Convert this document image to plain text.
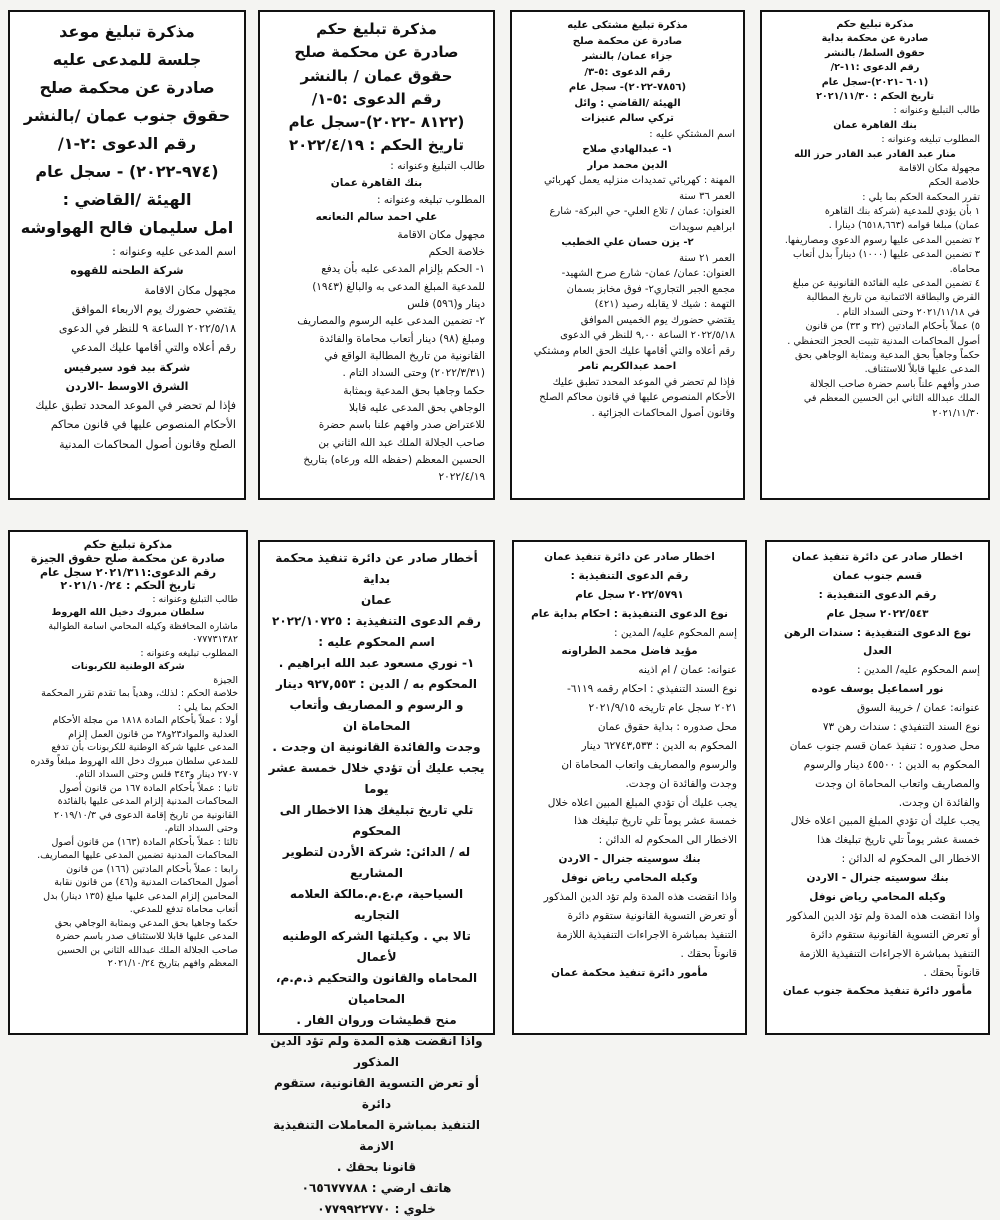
مذكرة تبليغ حكم
صادرة عن محكمة بداية
حقوق السلط/ بالنشر
رقم الدعوى :١١-٢/
(٦٠١ -٢٠٢١)-سجل عام
تاريخ الحكم : ٢٠٢١/١١/٣٠
طالب التبليغ وعنوانه :
بنك القاهرة عمان
المطلوب تبليغه وعنوانه :
منار عبد القادر عبد القادر حرز الله
مجهولة مكان الاقامة
خلاصة الحكم
تقرر المحكمة الحكم بما يلي :
١ بأن يؤدي للمدعية (شركة بنك القاهرة
عمان) مبلغا قوامه (٦٥١٨,٦٦٣) دينارا .
٢ تضمين المدعى عليها رسوم الدعوى ومصاريفها.
٣ تضمين المدعى عليها (١٠٠٠) ديناراً بدل أتعاب محاماة.
٤ تضمين المدعى عليه الفائدة القانونية عن مبلغ
القرض والبطاقة الائتمانية من تاريخ المطالبة
في ٢٠٢١/١١/١٨ وحتى السداد التام .
٥) عملاً بأحكام المادتين (٣٢ و ٣٣) من قانون
أصول المحاكمات المدنية تثبيت الحجز التحفظي .
حكماً وجاهياً بحق المدعية وبمثابة الوجاهي بحق
المدعى عليها قابلاً للاستئناف.
صدر وأفهم علناً باسم حضرة صاحب الجلالة
الملك عبدالله الثاني ابن الحسين المعظم في
٢٠٢١/١١/٣٠
مذكرة تبليغ مشتكى عليه
صادرة عن محكمة صلح
جزاء عمان/ بالنشر
رقم الدعوى :٥-٣/
(٧٨٥٦-٢٠٢٢)- سجل عام
الهيئة /القاضي : وائل
تركي سالم عنيزات
اسم المشتكي عليه :
١- عبدالهادي صلاح
الدين محمد مرار
المهنة : كهربائي تمديدات منزليه يعمل كهربائي
العمر ٣٦ سنة
العنوان: عمان / تلاع العلي- حي البركة- شارع
ابراهيم سويدات
٢- يزن حسان علي الخطيب
العمر ٢١ سنة
العنوان: عمان/ عمان- شارع صرح الشهيد-
مجمع الجبر التجاري٢- فوق مخابز بسمان
التهمة : شيك لا يقابله رصيد (٤٢١)
يقتضي حضورك يوم الخميس الموافق
٢٠٢٢/٥/١٨ الساعة ٩,٠٠ للنظر في الدعوى
رقم أعلاه والتي أقامها عليك الحق العام ومشتكي
احمد عبدالكريم تامر
فإذا لم تحضر في الموعد المحدد تطبق عليك
الأحكام المنصوص عليها في قانون محاكم الصلح
وقانون أصول المحاكمات الجزائية .
مذكرة تبليغ حكم
صادرة عن محكمة صلح
حقوق عمان / بالنشر
رقم الدعوى :٥-١/
(٨١٢٢ -٢٠٢٢)-سجل عام
تاريخ الحكم : ٢٠٢٢/٤/١٩
طالب التبليغ وعنوانه :
بنك القاهرة عمان
المطلوب تبليغه وعنوانه :
علي احمد سالم النعانعه
مجهول مكان الاقامة
خلاصة الحكم
١- الحكم بإلزام المدعى عليه بأن يدفع
للمدعية المبلغ المدعى به والبالغ (١٩٤٣)
دينار و(٥٩٦) فلس
٢- تضمين المدعى عليه الرسوم والمصاريف
ومبلغ (٩٨) دينار أتعاب محاماة والفائدة
القانونية من تاريخ المطالبة الواقع في
(٢٠٢٢/٣/٣١) وحتى السداد التام .
حكما وجاهيا بحق المدعية وبمثابة
الوجاهي بحق المدعى عليه قابلا
للاعتراض صدر وافهم علنا باسم حضرة
صاحب الجلالة الملك عبد الله الثاني بن
الحسين المعظم (حفظه الله ورعاه) بتاريخ
٢٠٢٢/٤/١٩
مذكرة تبليغ موعد
جلسة للمدعى عليه
صادرة عن محكمة صلح
حقوق جنوب عمان /بالنشر
رقم الدعوى :٢-١/
(٩٧٤-٢٠٢٢) - سجل عام
الهيئة /القاضي :
امل سليمان فالح الهواوشه
اسم المدعى عليه وعنوانه :
شركة الطحنه للقهوه
مجهول مكان الاقامة
يقتضي حضورك يوم الاربعاء الموافق
٢٠٢٢/٥/١٨ الساعة ٩ للنظر في الدعوى
رقم أعلاه والتي أقامها عليك المدعي
شركة بيد فود سيرفيس
الشرق الاوسط -الاردن
فإذا لم تحضر في الموعد المحدد تطبق عليك
الأحكام المنصوص عليها في قانون محاكم
الصلح وقانون أصول المحاكمات المدنية
اخطار صادر عن دائرة تنفيذ عمان
قسم جنوب عمان
رقم الدعوى التنفيذية :
٢٠٢٢/٥٤٣ سجل عام
نوع الدعوى التنفيذية : سندات الرهن
العدل
إسم المحكوم عليه/ المدين :
نور اسماعيل يوسف عوده
عنوانه: عمان / خريبة السوق
نوع السند التنفيذي : سندات رهن ٧٣
محل صدوره : تنفيذ عمان قسم جنوب عمان
المحكوم به الدين : ٤٥٥٠٠ دينار والرسوم
والمصاريف واتعاب المحاماة ان وجدت
والفائدة ان وجدت.
يجب عليك أن تؤدي المبلغ المبين اعلاه خلال
خمسة عشر يوماً تلي تاريخ تبليغك هذا
الاخطار الى المحكوم له الدائن :
بنك سوسيته جنرال - الاردن
وكيله المحامي رياض نوفل
واذا انقضت هذه المدة ولم تؤد الدين المذكور
أو تعرض التسوية القانونية ستقوم دائرة
التنفيذ بمباشرة الاجراءات التنفيذية اللازمة
قانوناً بحقك .
مأمور دائرة تنفيذ محكمة جنوب عمان
اخطار صادر عن دائرة تنفيذ عمان
رقم الدعوى التنفيذية :
٢٠٢٢/٥٧٩١ سجل عام
نوع الدعوى التنفيذية : احكام بداية عام
إسم المحكوم عليه/ المدين :
مؤيد فاضل محمد الطراونه
عنوانه: عمان / ام اذينه
نوع السند التنفيذي : احكام رقمه ٦١١٩-
٢٠٢١ سجل عام تاريخه ٢٠٢١/٩/١٥
محل صدوره : بداية حقوق عمان
المحكوم به الدين : ٦٢٧٤٣,٥٣٣ دينار
والرسوم والمصاريف واتعاب المحاماة ان
وجدت والفائدة ان وجدت.
يجب عليك أن تؤدي المبلغ المبين اعلاه خلال
خمسة عشر يوماً تلي تاريخ تبليغك هذا
الاخطار الى المحكوم له الدائن :
بنك سوسيته جنرال - الاردن
وكيله المحامي رياض نوفل
واذا انقضت هذه المدة ولم تؤد الدين المذكور
أو تعرض التسوية القانونية ستقوم دائرة
التنفيذ بمباشرة الاجراءات التنفيذية اللازمة
قانوناً بحقك .
مأمور دائرة تنفيذ محكمة عمان
أخطار صادر عن دائرة تنفيذ محكمة بداية
عمان
رقم الدعوى التنفيذية : ٢٠٢٢/١٠٧٢٥
اسم المحكوم عليه :
١- نوري مسعود عبد الله ابراهيم .
المحكوم به / الدين : ٩٢٧,٥٥٣ دينار
و الرسوم و المصاريف وأتعاب المحاماة ان
وجدت والفائدة القانونية ان وجدت .
يجب عليك أن تؤدي خلال خمسة عشر يوما
تلي تاريخ تبليغك هذا الاخطار الى المحكوم
له / الدائن: شركة الأردن لتطوير المشاريع
السياحية، م.ع.م.مالكة العلامه التجاريه
تالا بي . وكيلتها الشركه الوطنيه لأعمال
المحاماه والقانون والتحكيم ذ.م.م، المحاميان
منح قطيشات وروان الفار .
واذا انقضت هذه المدة ولم تؤد الدين المذكور
أو تعرض التسوية القانونية، ستقوم دائرة
التنفيذ بمباشرة المعاملات التنفيذية الازمة
قانونا بحقك .
هاتف ارضي : ٠٦٥٦٧٧٧٨٨
خلوي : ٠٧٧٩٩٢٢٧٧٠
مذكرة تبليغ حكم
صادرة عن محكمة صلح حقوق الجيزة
رقم الدعوى:٢٠٢١/٣١١ سجل عام
تاريخ الحكم : ٢٠٢١/١٠/٢٤
طالب التبليغ وعنوانه :
سلطان مبروك دخيل الله الهروط
ماشاره المحافظة وكيله المحامي اسامة الطوالبة
٠٧٧٧٣١٣٨٢
المطلوب تبليغه وعنوانه :
شركة الوطنية للكربونات
الجيزة
خلاصة الحكم : لذلك، وهدياً بما تقدم تقرر المحكمة
الحكم بما يلي :
أولا : عملاً بأحكام المادة ١٨١٨ من مجلة الأحكام
العدلية والمواد٢٣و٢٨ من قانون العمل إلزام
المدعى عليها شركة الوطنية للكربونات بأن تدفع
للمدعي سلطان مبروك دخل الله الهروط مبلغاً وقدره
٢٧٠٧ دينار و٣٤٣ فلس وحتى السداد التام.
ثانيا : عملاً بأحكام المادة ١٦٧ من قانون أصول
المحاكمات المدنية إلزام المدعى عليها بالفائدة
القانونية من تاريخ إقامة الدعوى في ٢٠١٩/١٠/٣
وحتى السداد التام.
ثالثا : عملاً بأحكام المادة (١٦٣) من قانون أصول
المحاكمات المدنية تضمين المدعى عليها المصاريف.
رابعا : عملاً بأحكام المادتين (١٦٦) من قانون
أصول المحاكمات المدنية و(٤٦) من قانون نقابة
المحامين إلزام المدعى عليها مبلغ (١٣٥ دينار) بدل
أتعاب محاماة تدفع للمدعي.
حكما وجاهيا بحق المدعي وبمثابة الوجاهي بحق
المدعى عليها قابلا للاستئناف صدر باسم حضرة
صاحب الجلالة الملك عبدالله الثاني بن الحسين
المعظم وافهم بتاريخ ٢٠٢١/١٠/٢٤
